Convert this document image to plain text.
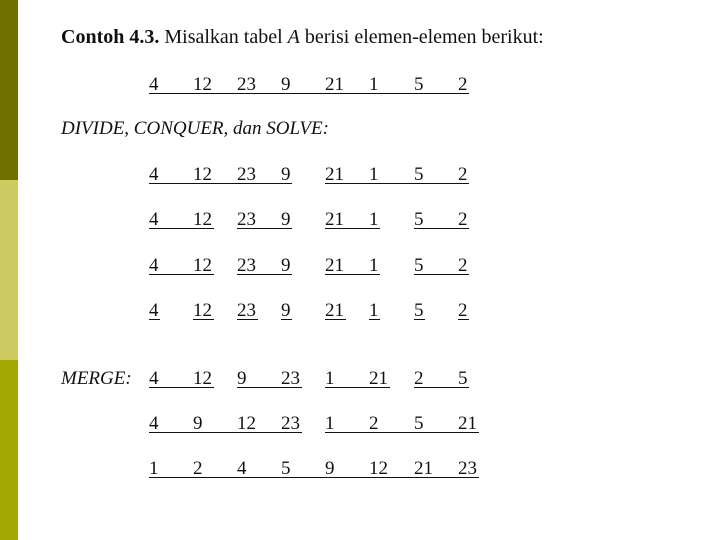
Contoh 4.3. Misalkan tabel A berisi elemen-elemen berikut:
DIVIDE, CONQUER, dan SOLVE:
MERGE:
4 12 23 9 21 1 5 2
4 12 23 9 21 1 5 2
4 12 23 9 21 1 5 2
4 12 23 9 21 1 5 2
4 12 23 9 21 1 5 2
4 12 9 23 1 21 2 5
4 9 12 23 1 2 5 21
1 2 4 5 9 12 21 23
